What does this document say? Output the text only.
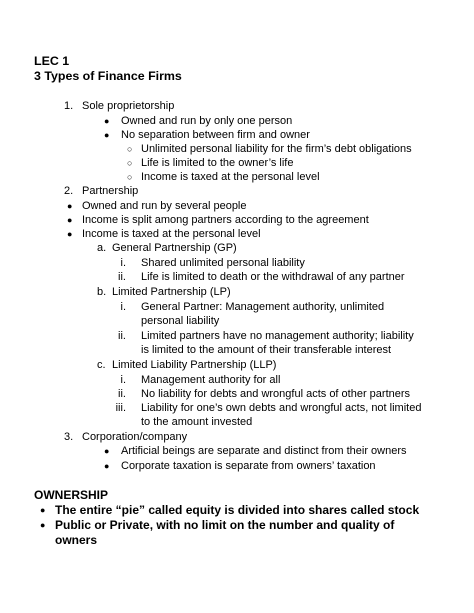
LEC 1
3 Types of Finance Firms
1. Sole proprietorship
● Owned and run by only one person
● No separation between firm and owner
○ Unlimited personal liability for the firm’s debt obligations
○ Life is limited to the owner’s life
○ Income is taxed at the personal level
2. Partnership
● Owned and run by several people
● Income is split among partners according to the agreement
● Income is taxed at the personal level
a. General Partnership (GP)
i. Shared unlimited personal liability
ii. Life is limited to death or the withdrawal of any partner
b. Limited Partnership (LP)
i. General Partner: Management authority, unlimited
personal liability
ii. Limited partners have no management authority; liability
is limited to the amount of their transferable interest
c. Limited Liability Partnership (LLP)
i. Management authority for all
ii. No liability for debts and wrongful acts of other partners
iii. Liability for one’s own debts and wrongful acts, not limited
to the amount invested
3. Corporation/company
● Artificial beings are separate and distinct from their owners
● Corporate taxation is separate from owners’ taxation
OWNERSHIP
● The entire “pie” called equity is divided into shares called stock
● Public or Private, with no limit on the number and quality of
owners
